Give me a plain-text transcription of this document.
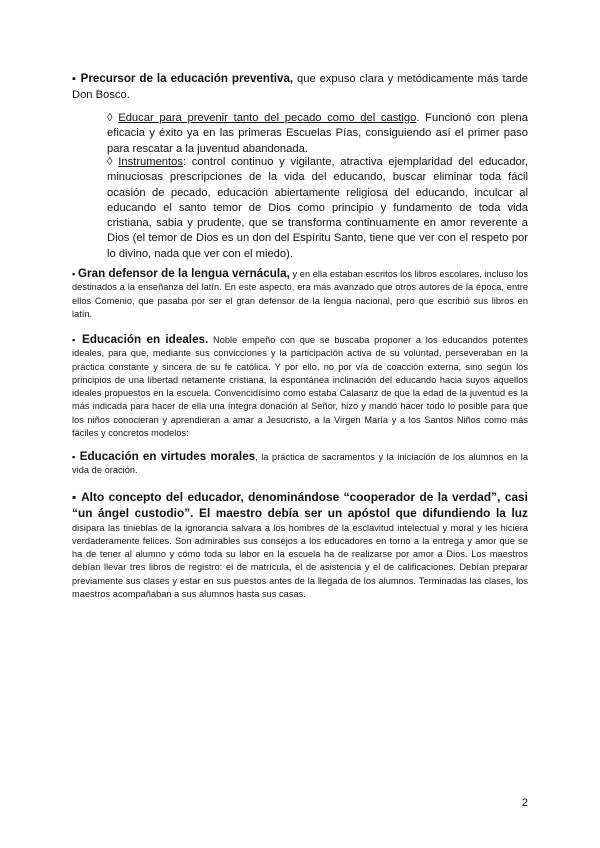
▪ Precursor de la educación preventiva, que expuso clara y metódicamente más tarde Don Bosco.

◊ Educar para prevenir tanto del pecado como del castigo. Funcionó con plena eficacia y éxito ya en las primeras Escuelas Pías, consiguiendo así el primer paso para rescatar a la juventud abandonada.

◊ Instrumentos: control continuo y vigilante, atractiva ejemplaridad del educador, minuciosas prescripciones de la vida del educando, buscar eliminar toda fácil ocasión de pecado, educación abiertamente religiosa del educando, inculcar al educando el santo temor de Dios como principio y fundamento de toda vida cristiana, sabia y prudente, que se transforma continuamente en amor reverente a Dios (el temor de Dios es un don del Espíritu Santo, tiene que ver con el respeto por lo divino, nada que ver con el miedo).

▪ Gran defensor de la lengua vernácula, y en ella estaban escritos los libros escolares, incluso los destinados a la enseñanza del latín. En este aspecto, era más avanzado que otros autores de la época, entre ellos Comenio, que pasaba por ser el gran defensor de la lengua nacional, pero que escribió sus libros en latín.

▪ Educación en ideales. Noble empeño con que se buscaba proponer a los educandos potentes ideales, para que, mediante sus convicciones y la participación activa de su voluntad, perseveraban en la práctica constante y sincera de su fe católica. Y por ello, no por vía de coacción externa, sino según los principios de una libertad netamente cristiana, la espontánea inclinación del educando hacia suyos aquellos ideales propuestos en la escuela. Convencidísimo como estaba Calasanz de que la edad de la juventud es la más indicada para hacer de ella una íntegra donación al Señor, hizo y mandó hacer todo lo posible para que los niños conocieran y aprendieran a amar a Jesucristo, a la Virgen María y a los Santos Niños como más fáciles y concretos modelos:

▪ Educación en virtudes morales, la práctica de sacramentos y la iniciación de los alumnos en la vida de oración.

▪ Alto concepto del educador, denominándose “cooperador de la verdad”, casi “un ángel custodio”. El maestro debía ser un apóstol que difundiendo la luz disipara las tinieblas de la ignorancia salvara a los hombres de la esclavitud intelectual y moral y les hiciera verdaderamente felices. Son admirables sus consejos a los educadores en torno a la entrega y amor que se ha de tener al alumno y cómo toda su labor en la escuela ha de realizarse por amor a Dios. Los maestros debían llevar tres libros de registro: el de matrícula, el de asistencia y el de calificaciones. Debían preparar previamente sus clases y estar en sus puestos antes de la llegada de los alumnos. Terminadas las clases, los maestros acompañaban a sus alumnos hasta sus casas.

2
